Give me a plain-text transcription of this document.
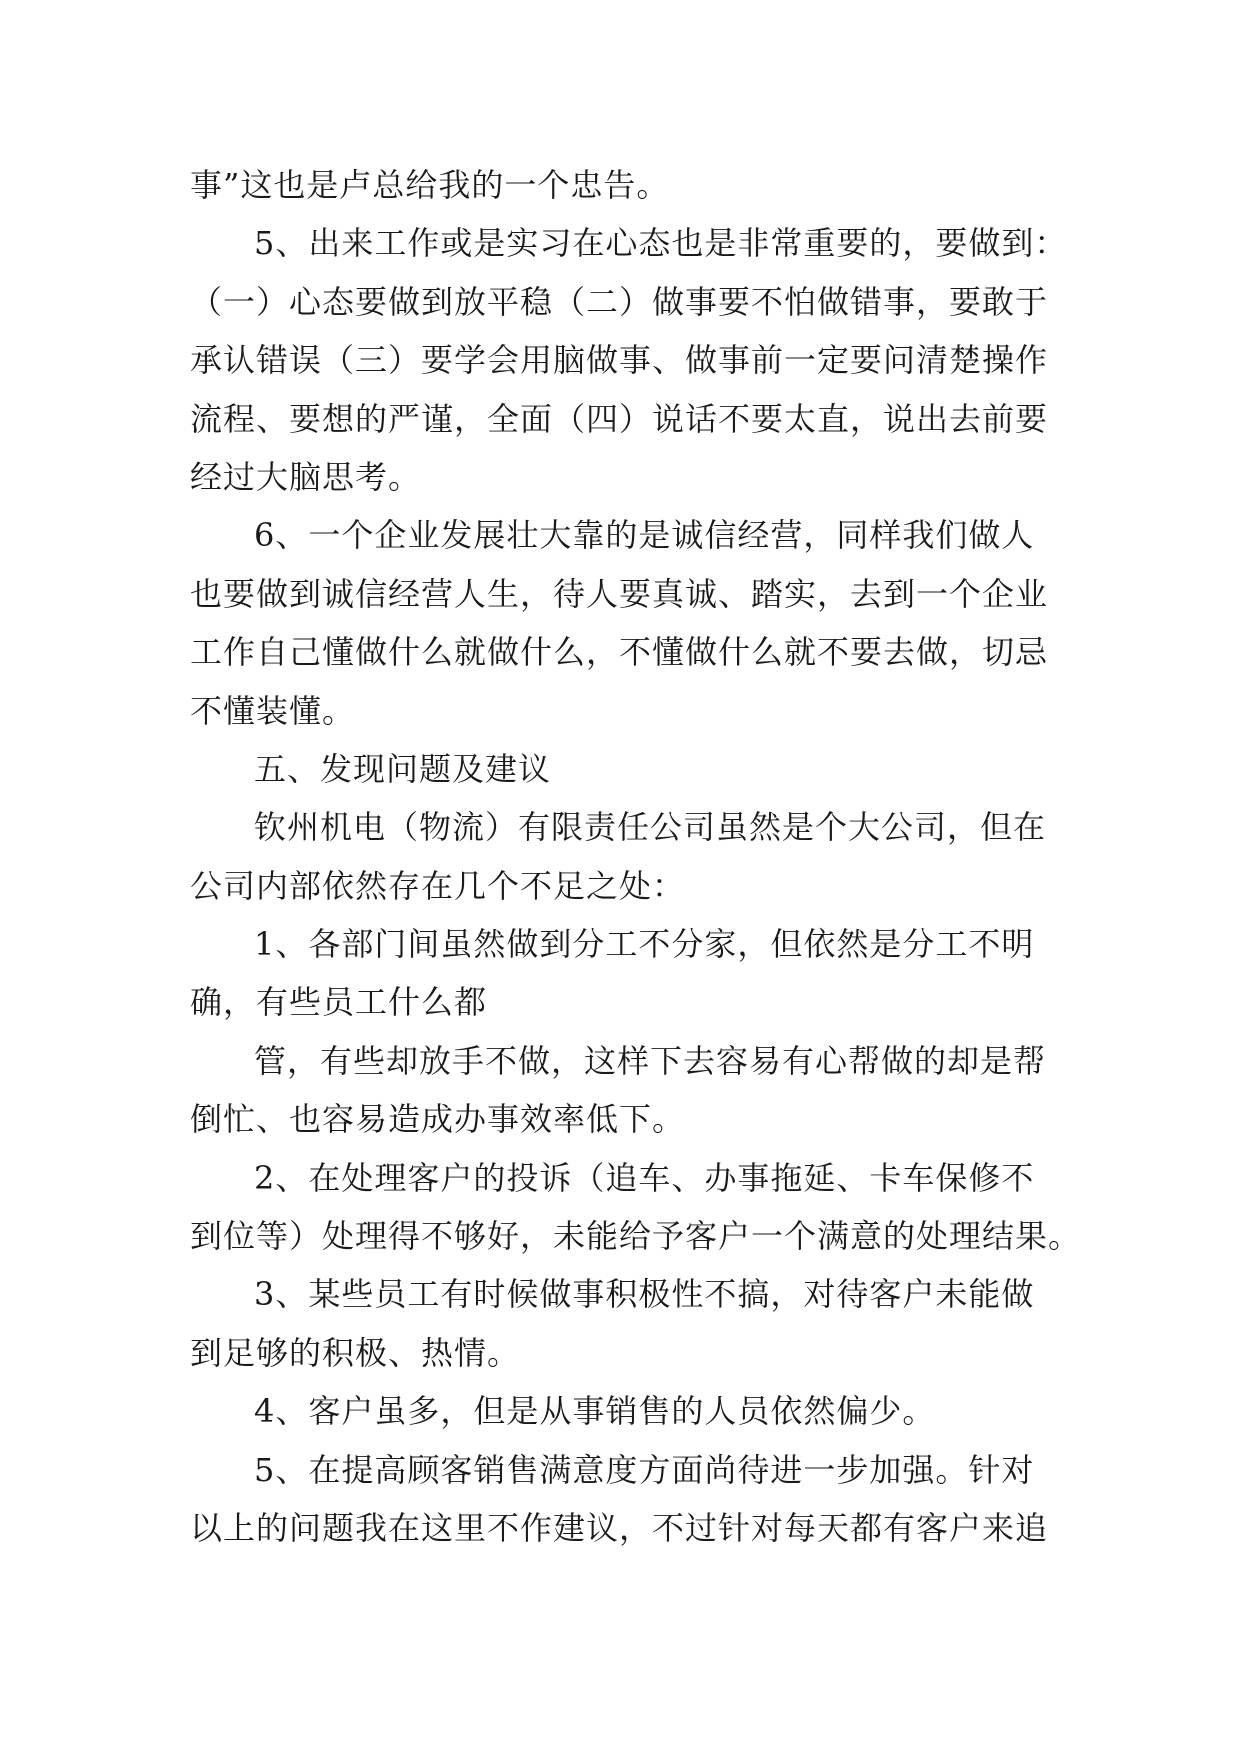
事”这也是卢总给我的一个忠告。
5、出来工作或是实习在心态也是非常重要的，要做到：
（一）心态要做到放平稳（二）做事要不怕做错事，要敢于
承认错误（三）要学会用脑做事、做事前一定要问清楚操作
流程、要想的严谨，全面（四）说话不要太直，说出去前要
经过大脑思考。
6、一个企业发展壮大靠的是诚信经营，同样我们做人
也要做到诚信经营人生，待人要真诚、踏实，去到一个企业
工作自己懂做什么就做什么，不懂做什么就不要去做，切忌
不懂装懂。
五、发现问题及建议
钦州机电（物流）有限责任公司虽然是个大公司，但在
公司内部依然存在几个不足之处：
1、各部门间虽然做到分工不分家，但依然是分工不明
确，有些员工什么都
管，有些却放手不做，这样下去容易有心帮做的却是帮
倒忙、也容易造成办事效率低下。
2、在处理客户的投诉（追车、办事拖延、卡车保修不
到位等）处理得不够好，未能给予客户一个满意的处理结果。
3、某些员工有时候做事积极性不搞，对待客户未能做
到足够的积极、热情。
4、客户虽多，但是从事销售的人员依然偏少。
5、在提高顾客销售满意度方面尚待进一步加强。针对
以上的问题我在这里不作建议，不过针对每天都有客户来追
